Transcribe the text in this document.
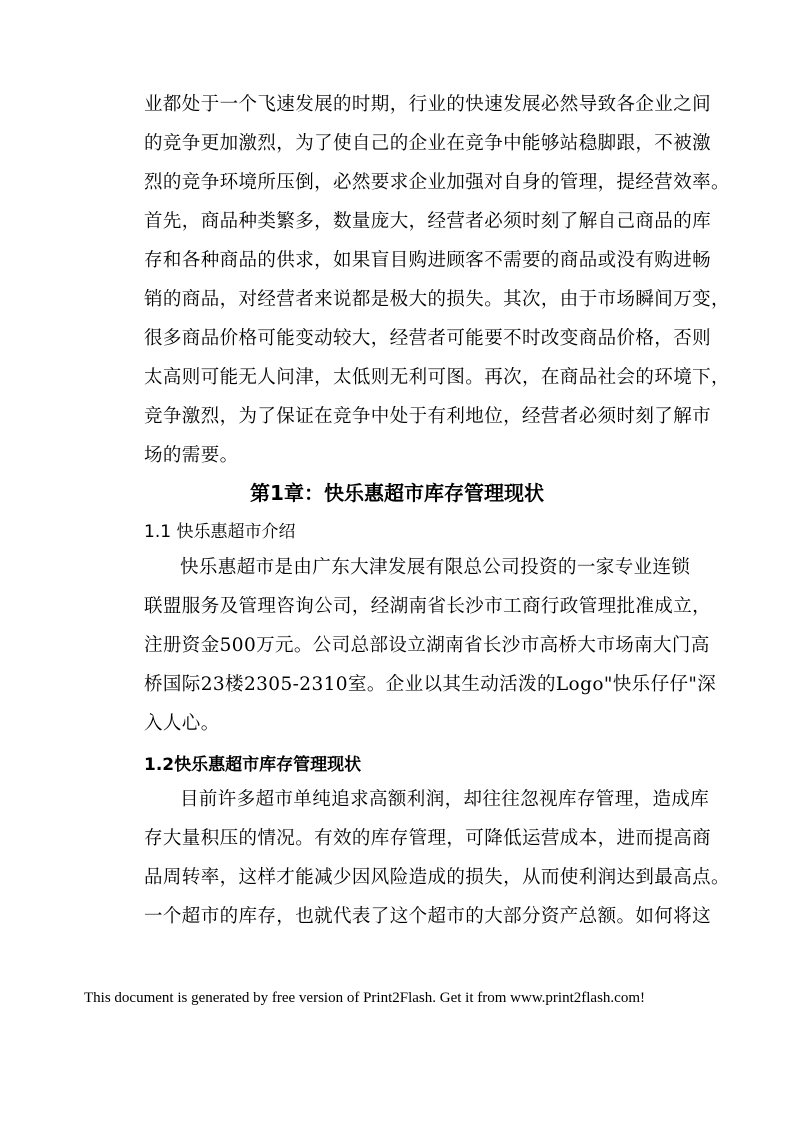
业都处于一个飞速发展的时期，行业的快速发展必然导致各企业之间
的竞争更加激烈，为了使自己的企业在竞争中能够站稳脚跟，不被激
烈的竞争环境所压倒，必然要求企业加强对自身的管理，提经营效率。
首先，商品种类繁多，数量庞大，经营者必须时刻了解自己商品的库
存和各种商品的供求，如果盲目购进顾客不需要的商品或没有购进畅
销的商品，对经营者来说都是极大的损失。其次，由于市场瞬间万变，
很多商品价格可能变动较大，经营者可能要不时改变商品价格，否则
太高则可能无人问津，太低则无利可图。再次，在商品社会的环境下，
竞争激烈，为了保证在竞争中处于有利地位，经营者必须时刻了解市
场的需要。
第1章：快乐惠超市库存管理现状
1.1 快乐惠超市介绍
快乐惠超市是由广东大津发展有限总公司投资的一家专业连锁
联盟服务及管理咨询公司，经湖南省长沙市工商行政管理批准成立，
注册资金500万元。公司总部设立湖南省长沙市高桥大市场南大门高
桥国际23楼2305-2310室。企业以其生动活泼的Logo"快乐仔仔"深
入人心。
1.2快乐惠超市库存管理现状
目前许多超市单纯追求高额利润，却往往忽视库存管理，造成库
存大量积压的情况。有效的库存管理，可降低运营成本，进而提高商
品周转率，这样才能减少因风险造成的损失，从而使利润达到最高点。
一个超市的库存，也就代表了这个超市的大部分资产总额。如何将这
This document is generated by free version of Print2Flash. Get it from www.print2flash.com!
